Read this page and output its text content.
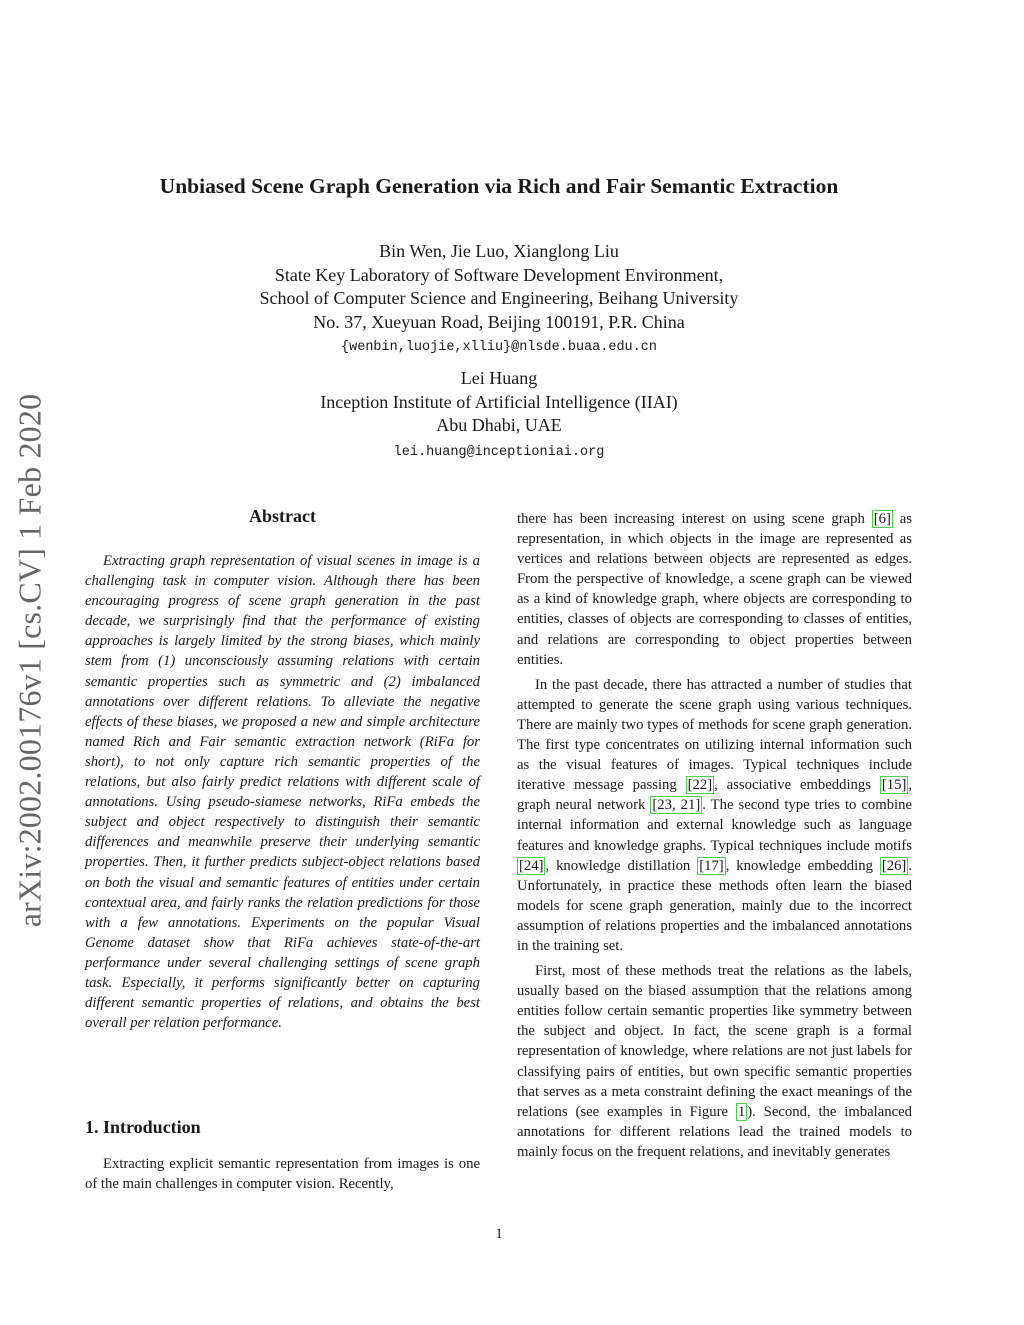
arXiv:2002.00176v1 [cs.CV] 1 Feb 2020
Unbiased Scene Graph Generation via Rich and Fair Semantic Extraction
Bin Wen, Jie Luo, Xianglong Liu
State Key Laboratory of Software Development Environment,
School of Computer Science and Engineering, Beihang University
No. 37, Xueyuan Road, Beijing 100191, P.R. China
{wenbin,luojie,xlliu}@nlsde.buaa.edu.cn
Lei Huang
Inception Institute of Artificial Intelligence (IIAI)
Abu Dhabi, UAE
lei.huang@inceptioniai.org
Abstract

Extracting graph representation of visual scenes in image is a challenging task in computer vision. Although there has been encouraging progress of scene graph generation in the past decade, we surprisingly find that the performance of existing approaches is largely limited by the strong biases, which mainly stem from (1) unconsciously assuming relations with certain semantic properties such as symmetric and (2) imbalanced annotations over different relations. To alleviate the negative effects of these biases, we proposed a new and simple architecture named Rich and Fair semantic extraction network (RiFa for short), to not only capture rich semantic properties of the relations, but also fairly predict relations with different scale of annotations. Using pseudo-siamese networks, RiFa embeds the subject and object respectively to distinguish their semantic differences and meanwhile preserve their underlying semantic properties. Then, it further predicts subject-object relations based on both the visual and semantic features of entities under certain contextual area, and fairly ranks the relation predictions for those with a few annotations. Experiments on the popular Visual Genome dataset show that RiFa achieves state-of-the-art performance under several challenging settings of scene graph task. Especially, it performs significantly better on capturing different semantic properties of relations, and obtains the best overall per relation performance.

1. Introduction

Extracting explicit semantic representation from images is one of the main challenges in computer vision. Recently,

there has been increasing interest on using scene graph [6] as representation, in which objects in the image are represented as vertices and relations between objects are represented as edges. From the perspective of knowledge, a scene graph can be viewed as a kind of knowledge graph, where objects are corresponding to entities, classes of objects are corresponding to classes of entities, and relations are corresponding to object properties between entities.

In the past decade, there has attracted a number of studies that attempted to generate the scene graph using various techniques. There are mainly two types of methods for scene graph generation. The first type concentrates on utilizing internal information such as the visual features of images. Typical techniques include iterative message passing [22] , associative embeddings [15] , graph neural network [23, 21] . The second type tries to combine internal information and external knowledge such as language features and knowledge graphs. Typical techniques include motifs [24] , knowledge distillation [17] , knowledge embedding [26] . Unfortunately, in practice these methods often learn the biased models for scene graph generation, mainly due to the incorrect assumption of relations properties and the imbalanced annotations in the training set.

First, most of these methods treat the relations as the labels, usually based on the biased assumption that the relations among entities follow certain semantic properties like symmetry between the subject and object. In fact, the scene graph is a formal representation of knowledge, where relations are not just labels for classifying pairs of entities, but own specific semantic properties that serves as a meta constraint defining the exact meanings of the relations (see examples in Figure 1 ). Second, the imbalanced annotations for different relations lead the trained models to mainly focus on the frequent relations, and inevitably generates

1
